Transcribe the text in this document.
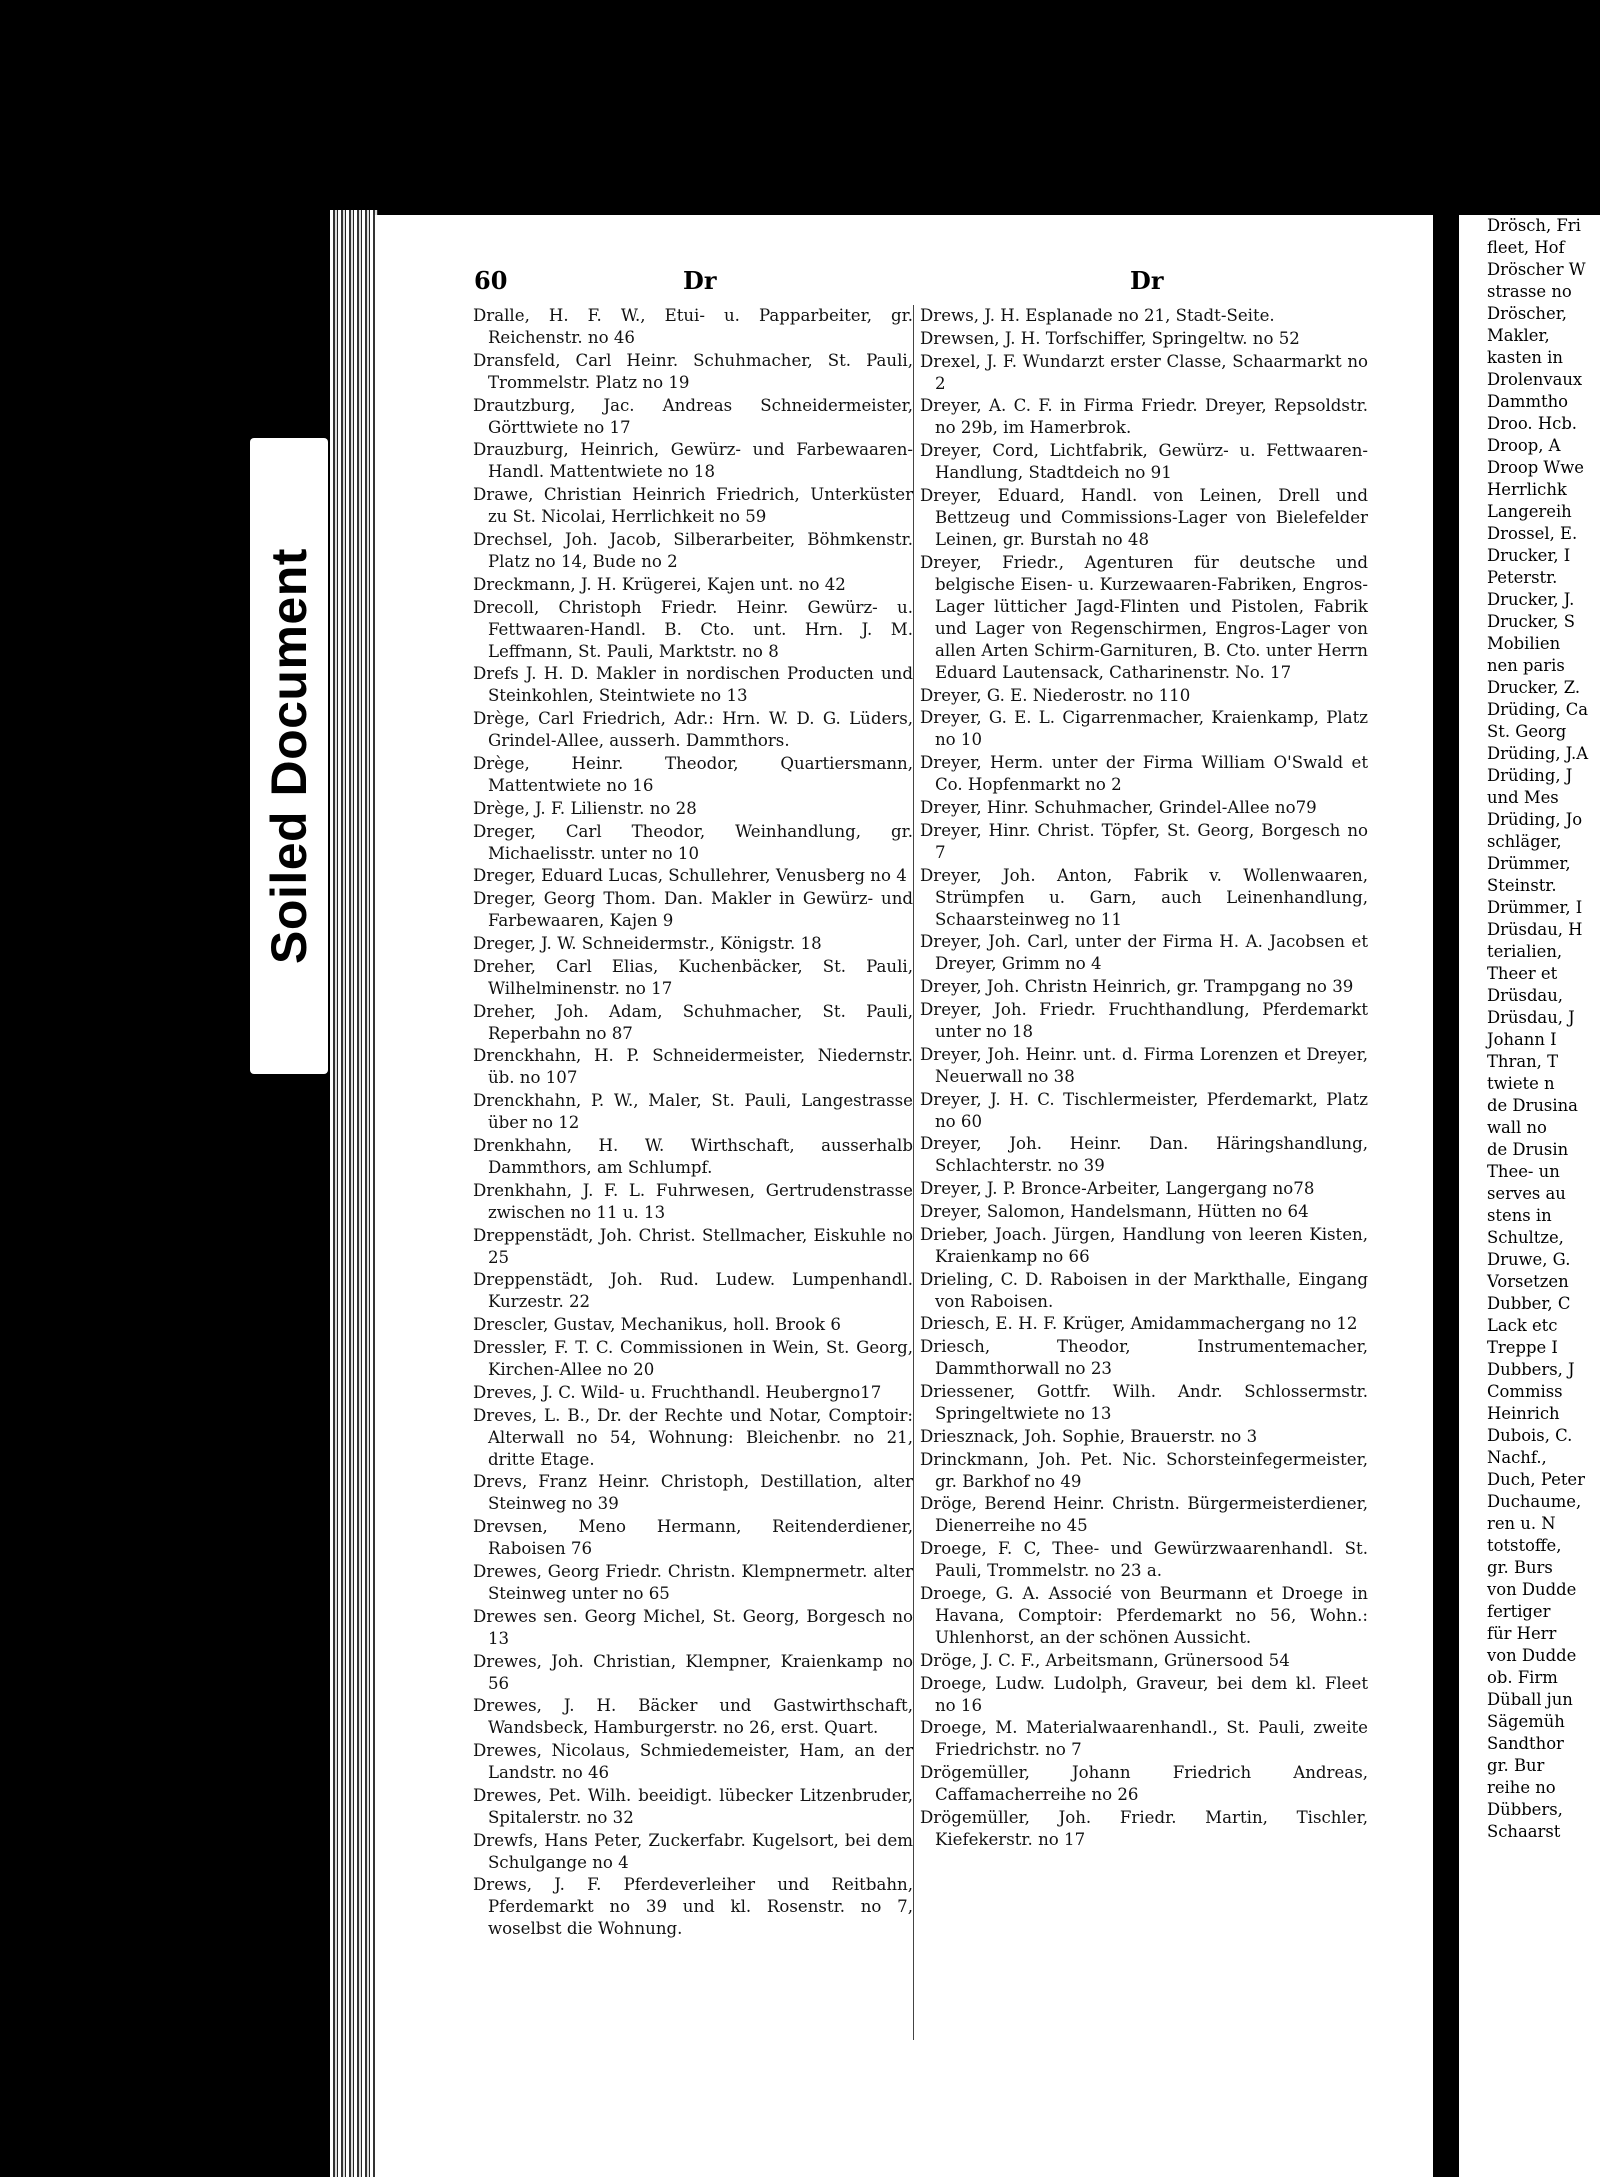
60	Dr	Dr
Dralle, H. F. W., Etui- u. Papparbeiter, gr. Reichenstr. no 46
Dransfeld, Carl Heinr. Schuhmacher, St. Pauli, Trommelstr. Platz no 19
Drautzburg, Jac. Andreas Schneidermeister, Görttwiete no 17
Drauzburg, Heinrich, Gewürz- und Farbewaaren-Handl. Mattentwiete no 18
Drawe, Christian Heinrich Friedrich, Unterküster zu St. Nicolai, Herrlichkeit no 59
Drechsel, Joh. Jacob, Silberarbeiter, Böhmkenstr. Platz no 14, Bude no 2
Dreckmann, J. H. Krügerei, Kajen unt. no 42
Drecoll, Christoph Friedr. Heinr. Gewürz- u. Fettwaaren-Handl. B. Cto. unt. Hrn. J. M. Leffmann, St. Pauli, Marktstr. no 8
Drefs J. H. D. Makler in nordischen Producten und Steinkohlen, Steintwiete no 13
Drège, Carl Friedrich, Adr.: Hrn. W. D. G. Lüders, Grindel-Allee, ausserh. Dammthors.
Drège, Heinr. Theodor, Quartiersmann, Mattentwiete no 16
Drège, J. F. Lilienstr. no 28
Dreger, Carl Theodor, Weinhandlung, gr. Michaelisstr. unter no 10
Dreger, Eduard Lucas, Schullehrer, Venusberg no 4
Dreger, Georg Thom. Dan. Makler in Gewürz- und Farbewaaren, Kajen 9
Dreger, J. W. Schneidermstr., Königstr. 18
Dreher, Carl Elias, Kuchenbäcker, St. Pauli, Wilhelminenstr. no 17
Dreher, Joh. Adam, Schuhmacher, St. Pauli, Reperbahn no 87
Drenckhahn, H. P. Schneidermeister, Niedernstr. üb. no 107
Drenckhahn, P. W., Maler, St. Pauli, Langestrasse über no 12
Drenkhahn, H. W. Wirthschaft, ausserhalb Dammthors, am Schlumpf.
Drenkhahn, J. F. L. Fuhrwesen, Gertrudenstrasse zwischen no 11 u. 13
Dreppenstädt, Joh. Christ. Stellmacher, Eiskuhle no 25
Dreppenstädt, Joh. Rud. Ludew. Lumpenhandl. Kurzestr. 22
Drescler, Gustav, Mechanikus, holl. Brook 6
Dressler, F. T. C. Commissionen in Wein, St. Georg, Kirchen-Allee no 20
Dreves, J. C. Wild- u. Fruchthandl. Heubergno17
Dreves, L. B., Dr. der Rechte und Notar, Comptoir: Alterwall no 54, Wohnung: Bleichenbr. no 21, dritte Etage.
Drevs, Franz Heinr. Christoph, Destillation, alter Steinweg no 39
Drevsen, Meno Hermann, Reitenderdiener, Raboisen 76
Drewes, Georg Friedr. Christn. Klempnermetr. alter Steinweg unter no 65
Drewes sen. Georg Michel, St. Georg, Borgesch no 13
Drewes, Joh. Christian, Klempner, Kraienkamp no 56
Drewes, J. H. Bäcker und Gastwirthschaft, Wandsbeck, Hamburgerstr. no 26, erst. Quart.
Drewes, Nicolaus, Schmiedemeister, Ham, an der Landstr. no 46
Drewes, Pet. Wilh. beeidigt. lübecker Litzenbruder, Spitalerstr. no 32
Drewfs, Hans Peter, Zuckerfabr. Kugelsort, bei dem Schulgange no 4
Drews, J. F. Pferdeverleiher und Reitbahn, Pferdemarkt no 39 und kl. Rosenstr. no 7, woselbst die Wohnung.
Drews, J. H. Esplanade no 21, Stadt-Seite.
Drewsen, J. H. Torfschiffer, Springeltw. no 52
Drexel, J. F. Wundarzt erster Classe, Schaarmarkt no 2
Dreyer, A. C. F. in Firma Friedr. Dreyer, Repsoldstr. no 29b, im Hamerbrok.
Dreyer, Cord, Lichtfabrik, Gewürz- u. Fettwaaren-Handlung, Stadtdeich no 91
Dreyer, Eduard, Handl. von Leinen, Drell und Bettzeug und Commissions-Lager von Bielefelder Leinen, gr. Burstah no 48
Dreyer, Friedr., Agenturen für deutsche und belgische Eisen- u. Kurzewaaren-Fabriken, Engros-Lager lütticher Jagd-Flinten und Pistolen, Fabrik und Lager von Regenschirmen, Engros-Lager von allen Arten Schirm-Garnituren, B. Cto. unter Herrn Eduard Lautensack, Catharinenstr. No. 17
Dreyer, G. E. Niederostr. no 110
Dreyer, G. E. L. Cigarrenmacher, Kraienkamp, Platz no 10
Dreyer, Herm. unter der Firma William O'Swald et Co. Hopfenmarkt no 2
Dreyer, Hinr. Schuhmacher, Grindel-Allee no79
Dreyer, Hinr. Christ. Töpfer, St. Georg, Borgesch no 7
Dreyer, Joh. Anton, Fabrik v. Wollenwaaren, Strümpfen u. Garn, auch Leinenhandlung, Schaarsteinweg no 11
Dreyer, Joh. Carl, unter der Firma H. A. Jacobsen et Dreyer, Grimm no 4
Dreyer, Joh. Christn Heinrich, gr. Trampgang no 39
Dreyer, Joh. Friedr. Fruchthandlung, Pferdemarkt unter no 18
Dreyer, Joh. Heinr. unt. d. Firma Lorenzen et Dreyer, Neuerwall no 38
Dreyer, J. H. C. Tischlermeister, Pferdemarkt, Platz no 60
Dreyer, Joh. Heinr. Dan. Häringshandlung, Schlachterstr. no 39
Dreyer, J. P. Bronce-Arbeiter, Langergang no78
Dreyer, Salomon, Handelsmann, Hütten no 64
Drieber, Joach. Jürgen, Handlung von leeren Kisten, Kraienkamp no 66
Drieling, C. D. Raboisen in der Markthalle, Eingang von Raboisen.
Driesch, E. H. F. Krüger, Amidammachergang no 12
Driesch, Theodor, Instrumentemacher, Dammthorwall no 23
Driessener, Gottfr. Wilh. Andr. Schlossermstr. Springeltwiete no 13
Driesznack, Joh. Sophie, Brauerstr. no 3
Drinckmann, Joh. Pet. Nic. Schorsteinfegermeister, gr. Barkhof no 49
Dröge, Berend Heinr. Christn. Bürgermeisterdiener, Dienerreihe no 45
Droege, F. C, Thee- und Gewürzwaarenhandl. St. Pauli, Trommelstr. no 23 a.
Droege, G. A. Associé von Beurmann et Droege in Havana, Comptoir: Pferdemarkt no 56, Wohn.: Uhlenhorst, an der schönen Aussicht.
Dröge, J. C. F., Arbeitsmann, Grünersood 54
Droege, Ludw. Ludolph, Graveur, bei dem kl. Fleet no 16
Droege, M. Materialwaarenhandl., St. Pauli, zweite Friedrichstr. no 7
Drögemüller, Johann Friedrich Andreas, Caffamacherreihe no 26
Drögemüller, Joh. Friedr. Martin, Tischler, Kiefekerstr. no 17
Drösch, Fri
fleet, Hof
Dröscher W
strasse no
Dröscher,
Makler,
kasten in
Drolenvaux
Dammtho
Droo. Hcb.
Droop, A
Droop Wwe
Herrlichk
Langereih
Drossel, E.
Drucker, I
Peterstr.
Drucker, J.
Drucker, S
Mobilien
nen paris
Drucker, Z.
Drüding, Ca
St. Georg
Drüding, J.A
Drüding, J
und Mes
Drüding, Jo
schläger,
Drümmer,
Steinstr.
Drümmer, I
Drüsdau, H
terialien,
Theer et
Drüsdau,
Drüsdau, J
Johann I
Thran, T
twiete n
de Drusina
wall no
de Drusin
Thee- un
serves au
stens in
Schultze,
Druwe, G.
Vorsetzen
Dubber, C
Lack etc
Treppe I
Dubbers, J
Commiss
Heinrich
Dubois, C.
Nachf.,
Duch, Peter
Duchaume,
ren u. N
totstoffe,
gr. Burs
von Dudde
fertiger
für Herr
von Dudde
ob. Firm
Düball jun
Sägemüh
Sandthor
gr. Bur
reihe no
Dübbers,
Schaarst
Soiled Document
